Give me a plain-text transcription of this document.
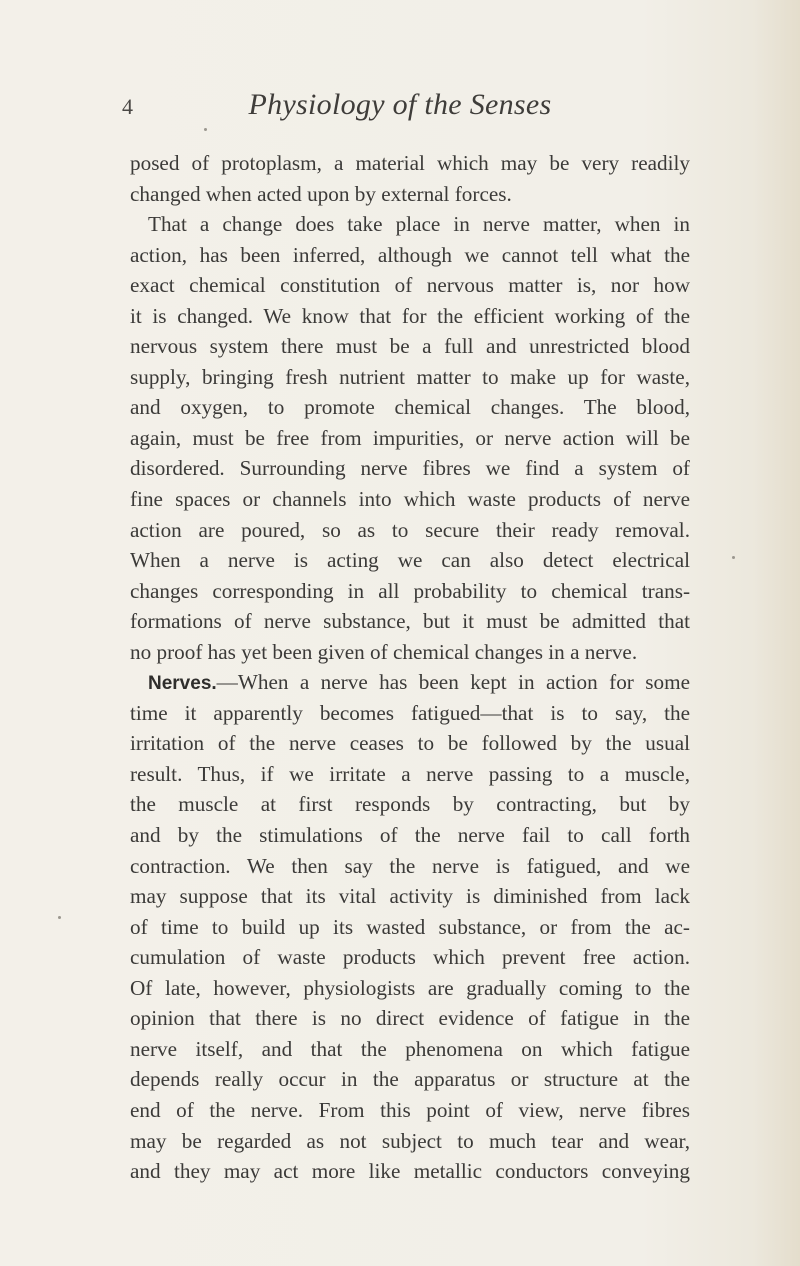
4	Physiology of the Senses
posed of protoplasm, a material which may be very readily
changed when acted upon by external forces.
That a change does take place in nerve matter, when in
action, has been inferred, although we cannot tell what the
exact chemical constitution of nervous matter is, nor how
it is changed. We know that for the efficient working of the
nervous system there must be a full and unrestricted blood
supply, bringing fresh nutrient matter to make up for waste,
and oxygen, to promote chemical changes. The blood,
again, must be free from impurities, or nerve action will be
disordered. Surrounding nerve fibres we find a system of
fine spaces or channels into which waste products of nerve
action are poured, so as to secure their ready removal.
When a nerve is acting we can also detect electrical
changes corresponding in all probability to chemical trans-
formations of nerve substance, but it must be admitted that
no proof has yet been given of chemical changes in a nerve.
Nerves.—When a nerve has been kept in action for some
time it apparently becomes fatigued—that is to say, the
irritation of the nerve ceases to be followed by the usual
result. Thus, if we irritate a nerve passing to a muscle,
the muscle at first responds by contracting, but by
and by the stimulations of the nerve fail to call forth
contraction. We then say the nerve is fatigued, and we
may suppose that its vital activity is diminished from lack
of time to build up its wasted substance, or from the ac-
cumulation of waste products which prevent free action.
Of late, however, physiologists are gradually coming to the
opinion that there is no direct evidence of fatigue in the
nerve itself, and that the phenomena on which fatigue
depends really occur in the apparatus or structure at the
end of the nerve. From this point of view, nerve fibres
may be regarded as not subject to much tear and wear,
and they may act more like metallic conductors conveying
